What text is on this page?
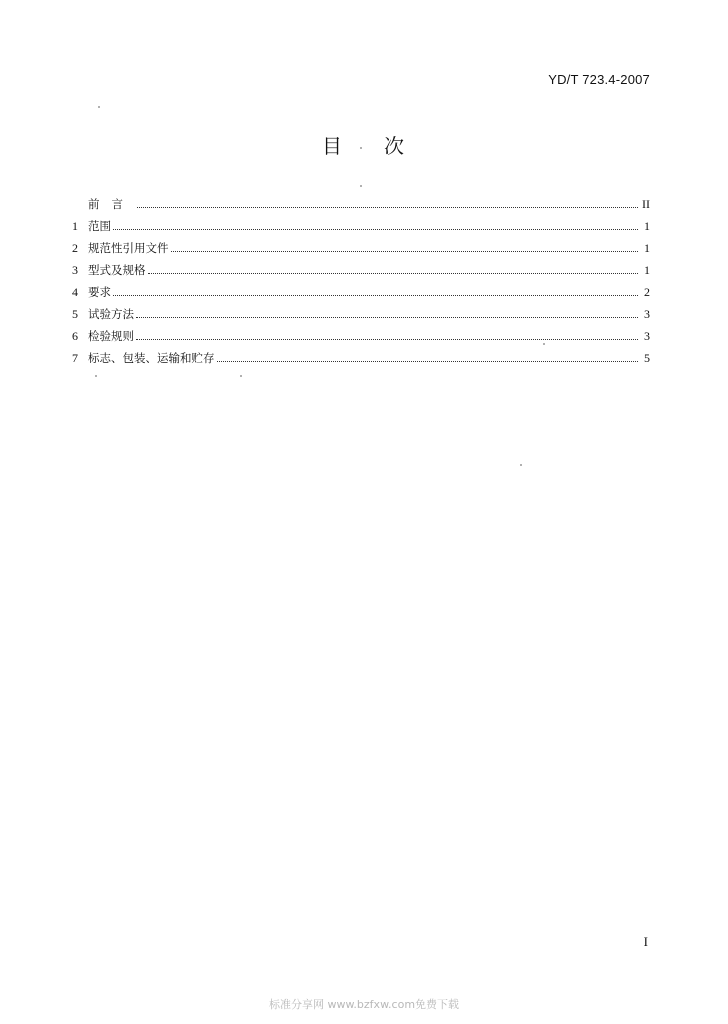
YD/T 723.4-2007
目 次
前言	II
1 范围	1
2 规范性引用文件	1
3 型式及规格	1
4 要求	2
5 试验方法	3
6 检验规则	3
7 标志、包装、运输和贮存	5
I
标准分享网 www.bzfxw.com免费下载
